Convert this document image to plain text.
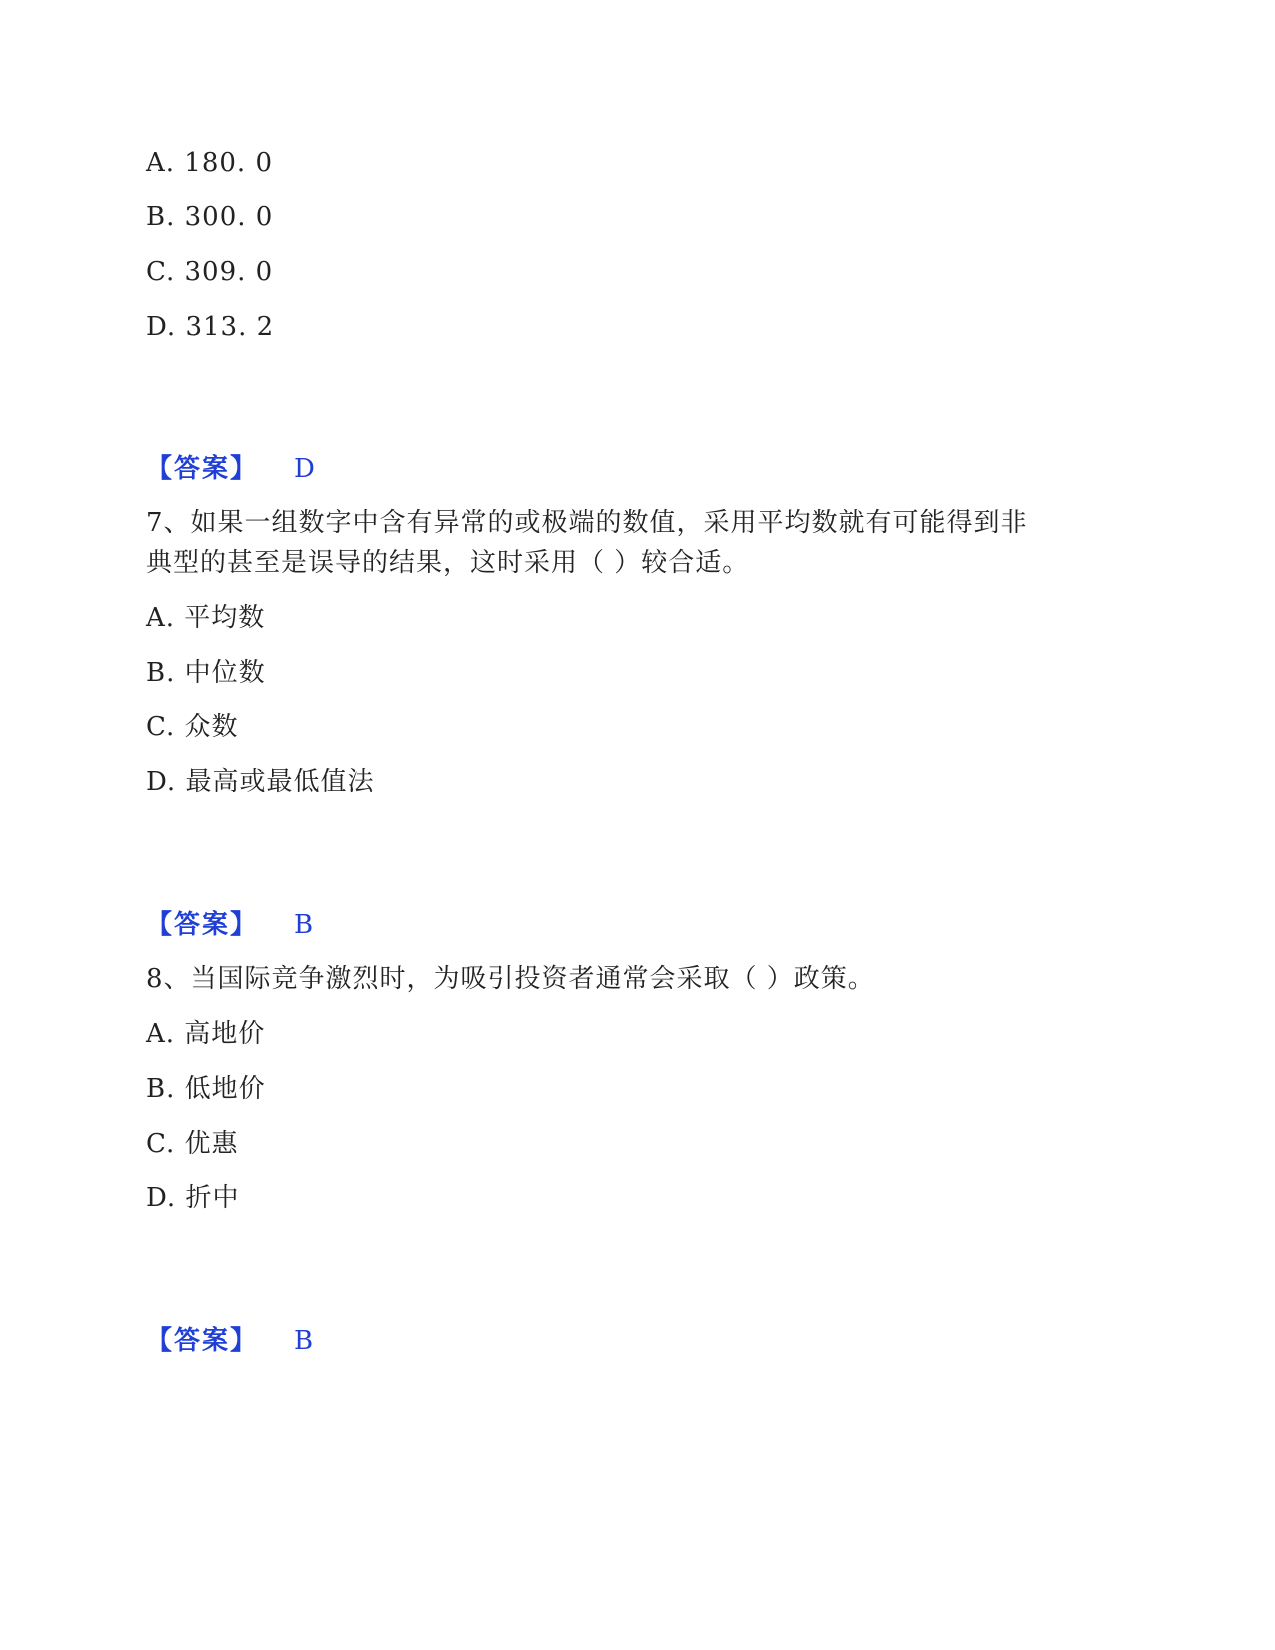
A. 180. 0
B. 300. 0
C. 309. 0
D. 313. 2
【答案】 D
7、如果一组数字中含有异常的或极端的数值，采用平均数就有可能得到非
典型的甚至是误导的结果，这时采用（ ）较合适。
A. 平均数
B. 中位数
C. 众数
D. 最高或最低值法
【答案】 B
8、当国际竞争激烈时，为吸引投资者通常会采取（ ）政策。
A. 高地价
B. 低地价
C. 优惠
D. 折中
【答案】 B
